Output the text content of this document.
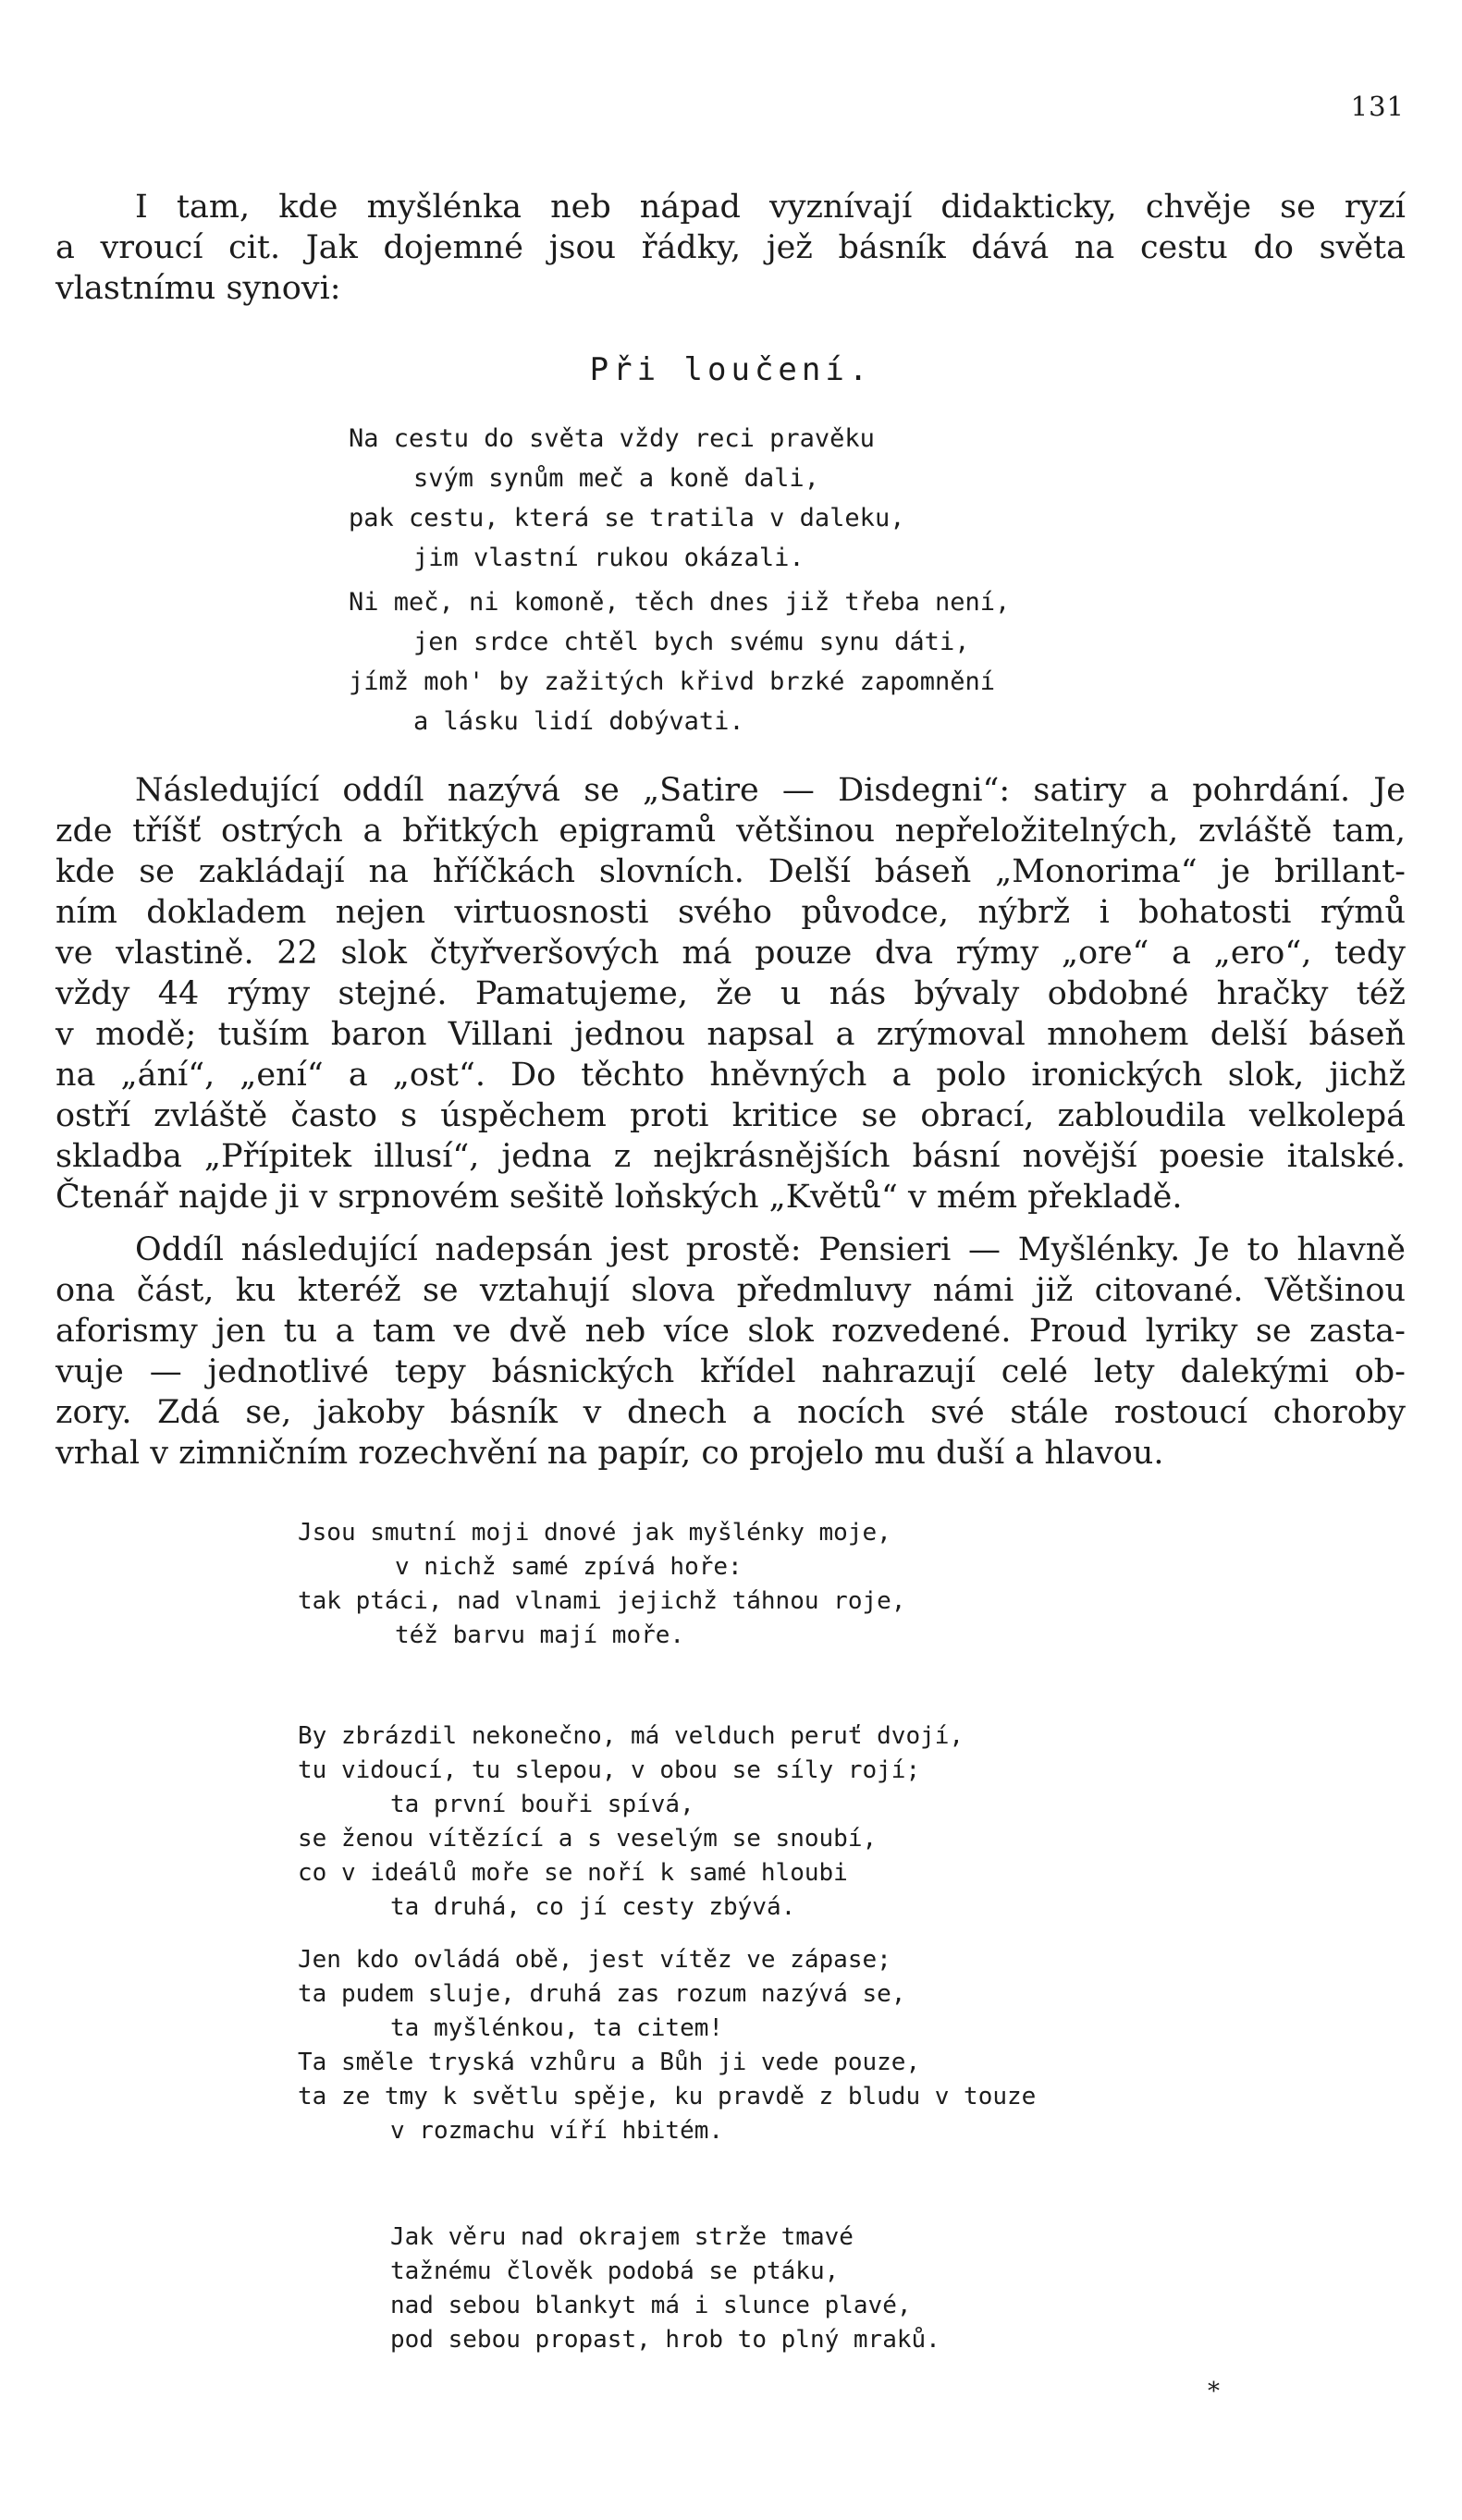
131

I tam, kde myšlénka neb nápad vyznívají didakticky, chvěje se ryzí
a vroucí cit. Jak dojemné jsou řádky, jež básník dává na cestu do světa
vlastnímu synovi:

Při loučení.
Na cestu do světa vždy reci pravěku
svým synům meč a koně dali,
pak cestu, která se tratila v daleku,
jim vlastní rukou okázali.
Ni meč, ni komoně, těch dnes již třeba není,
jen srdce chtěl bych svému synu dáti,
jímž moh' by zažitých křivd brzké zapomnění
a lásku lidí dobývati.

Následující oddíl nazývá se „Satire — Disdegni“: satiry a pohrdání. Je
zde tříšť ostrých a břitkých epigramů většinou nepřeložitelných, zvláště tam,
kde se zakládají na hříčkách slovních. Delší báseň „Monorima“ je brillant-
ním dokladem nejen virtuosnosti svého původce, nýbrž i bohatosti rýmů
ve vlastině. 22 slok čtyřveršových má pouze dva rýmy „ore“ a „ero“, tedy
vždy 44 rýmy stejné. Pamatujeme, že u nás bývaly obdobné hračky též
v modě; tuším baron Villani jednou napsal a zrýmoval mnohem delší báseň
na „ání“, „ení“ a „ost“. Do těchto hněvných a polo ironických slok, jichž
ostří zvláště často s úspěchem proti kritice se obrací, zabloudila velkolepá
skladba „Přípitek illusí“, jedna z nejkrásnějších básní novější poesie italské.
Čtenář najde ji v srpnovém sešitě loňských „Květů“ v mém překladě.

Oddíl následující nadepsán jest prostě: Pensieri — Myšlénky. Je to hlavně
ona část, ku kteréž se vztahují slova předmluvy námi již citované. Většinou
aforismy jen tu a tam ve dvě neb více slok rozvedené. Proud lyriky se zasta-
vuje — jednotlivé tepy básnických křídel nahrazují celé lety dalekými ob-
zory. Zdá se, jakoby básník v dnech a nocích své stále rostoucí choroby
vrhal v zimničním rozechvění na papír, co projelo mu duší a hlavou.

Jsou smutní moji dnové jak myšlénky moje,
v nichž samé zpívá hoře:
tak ptáci, nad vlnami jejichž táhnou roje,
též barvu mají moře.
By zbrázdil nekonečno, má velduch peruť dvojí,
tu vidoucí, tu slepou, v obou se síly rojí;
ta první bouři spívá,
se ženou vítězící a s veselým se snoubí,
co v ideálů moře se noří k samé hloubi
ta druhá, co jí cesty zbývá.
Jen kdo ovládá obě, jest vítěz ve zápase;
ta pudem sluje, druhá zas rozum nazývá se,
ta myšlénkou, ta citem!
Ta směle tryská vzhůru a Bůh ji vede pouze,
ta ze tmy k světlu spěje, ku pravdě z bludu v touze
v rozmachu víří hbitém.
Jak věru nad okrajem strže tmavé
tažnému člověk podobá se ptáku,
nad sebou blankyt má i slunce plavé,
pod sebou propast, hrob to plný mraků.
*
